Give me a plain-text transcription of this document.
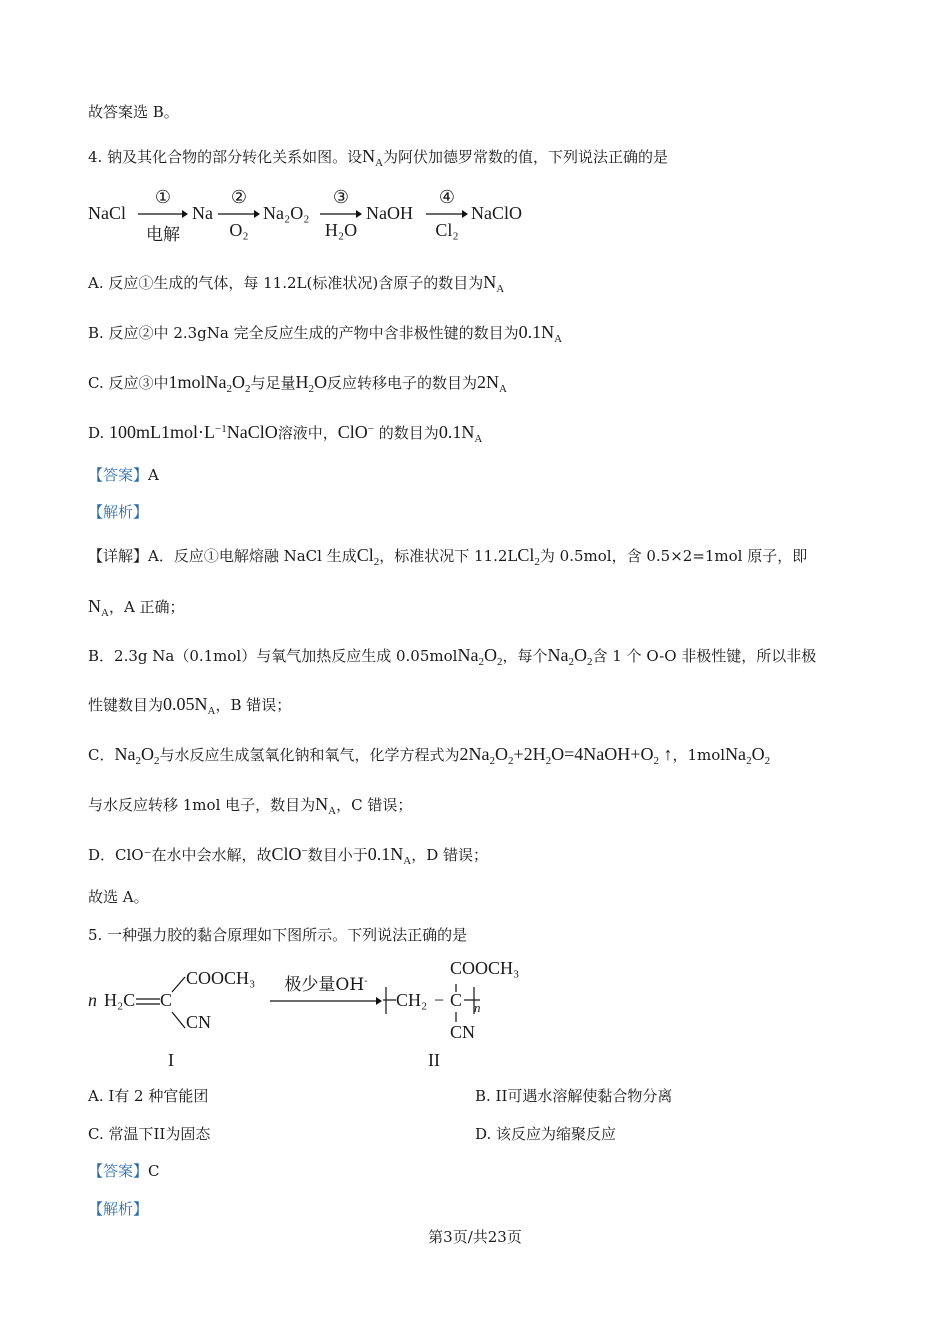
故答案选 B。
4. 钠及其化合物的部分转化关系如图。设$N_A$为阿伏加德罗常数的值，下列说法正确的是
NaCl
①
电解
Na
②
O₂
Na₂O₂
③
H₂O
NaOH
④
Cl₂
NaClO
A. 反应①生成的气体，每 11.2L(标准状况)含原子的数目为$N_A$
B. 反应②中 2.3gNa 完全反应生成的产物中含非极性键的数目为$0.1N_A$
C. 反应③中$1molNa_2O_2$与足量$H_2O$反应转移电子的数目为$2N_A$
D. $100mL1mol\cdot L^{-1}NaClO$溶液中，ClO− 的数目为$0.1N_A$
【答案】A
【解析】
【详解】A．反应①电解熔融 NaCl 生成$Cl_2$，标准状况下 11.2LCl$_2$为 0.5mol，含 0.5×2=1mol 原子，即
$N_A$，A 正确；
B．2.3g Na（0.1mol）与氧气加热反应生成 $0.05molNa_2O_2$，每个$Na_2O_2$含 1 个 O-O 非极性键，所以非极
性键数目为$0.05N_A$，B 错误；
C．$Na_2O_2$与水反应生成氢氧化钠和氧气，化学方程式为$2Na_2O_2+2H_2O=4NaOH+O_2$ ↑，$1molNa_2O_2$
与水反应转移 1mol 电子，数目为$N_A$，C 错误；
D．ClO⁻在水中会水解，故ClO−数目小于$0.1N_A$，D 错误；
故选 A。
5. 一种强力胶的黏合原理如下图所示。下列说法正确的是
n H₂C C
COOCH₃
CN
极少量OH-
COOCH₃
CH₂ − C n
CN
I	II
A. I有 2 种官能团	B. II可遇水溶解使黏合物分离
C. 常温下II为固态	D. 该反应为缩聚反应
【答案】C
【解析】
第3页/共23页
